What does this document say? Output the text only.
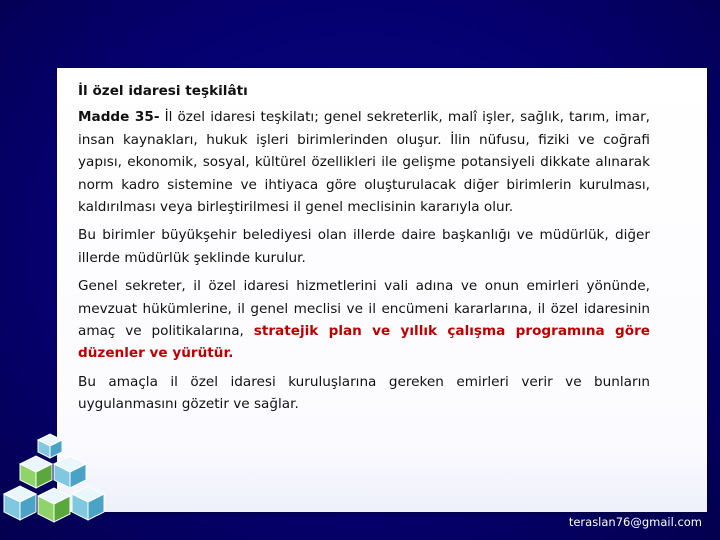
İl özel idaresi teşkilâtı

Madde 35- İl özel idaresi teşkilatı; genel sekreterlik, malî işler, sağlık, tarım, imar, insan kaynakları, hukuk işleri birimlerinden oluşur. İlin nüfusu, fiziki ve coğrafi yapısı, ekonomik, sosyal, kültürel özellikleri ile gelişme potansiyeli dikkate alınarak norm kadro sistemine ve ihtiyaca göre oluşturulacak diğer birimlerin kurulması, kaldırılması veya birleştirilmesi il genel meclisinin kararıyla olur.

Bu birimler büyükşehir belediyesi olan illerde daire başkanlığı ve müdürlük, diğer illerde müdürlük şeklinde kurulur.

Genel sekreter, il özel idaresi hizmetlerini vali adına ve onun emirleri yönünde, mevzuat hükümlerine, il genel meclisi ve il encümeni kararlarına, il özel idaresinin amaç ve politikalarına, stratejik plan ve yıllık çalışma programına göre düzenler ve yürütür.

Bu amaçla il özel idaresi kuruluşlarına gereken emirleri verir ve bunların uygulanmasını gözetir ve sağlar.

teraslan76@gmail.com
